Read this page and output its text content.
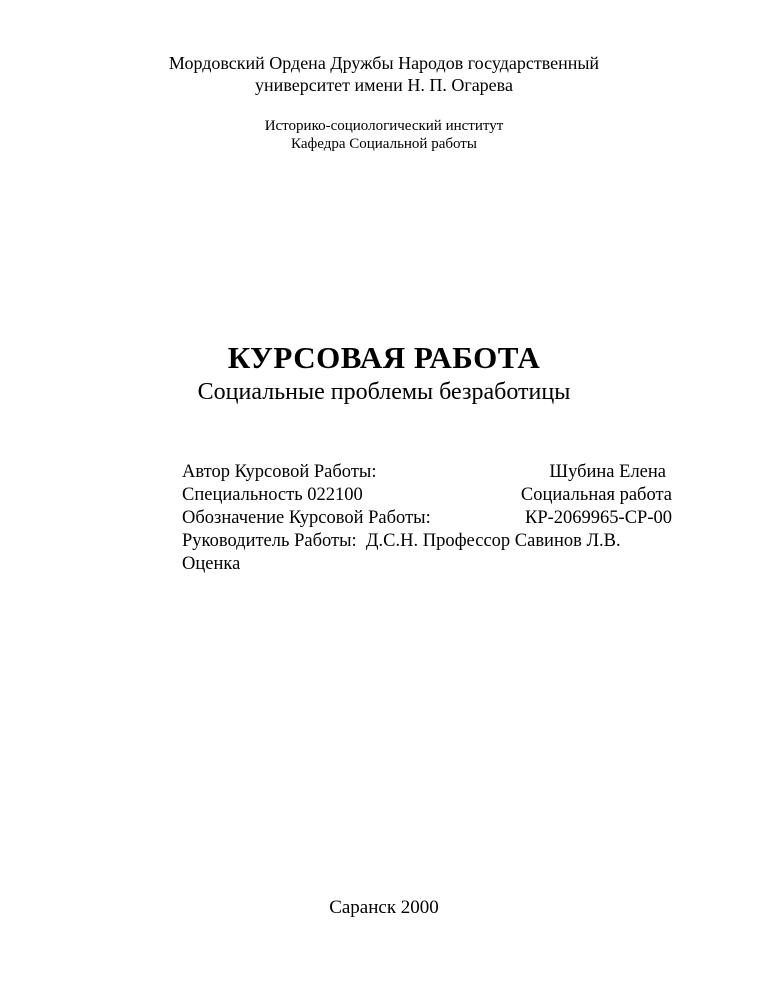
Мордовский Ордена Дружбы Народов государственный
университет имени Н. П. Огарева
Историко-социологический институт
Кафедра Социальной работы
КУРСОВАЯ РАБОТА
Социальные проблемы безработицы
Автор Курсовой Работы:	Шубина Елена
Специальность 022100	Социальная работа
Обозначение Курсовой Работы:	КР-2069965-СР-00
Руководитель Работы:  Д.С.Н. Профессор Савинов Л.В.
Оценка
Саранск 2000
